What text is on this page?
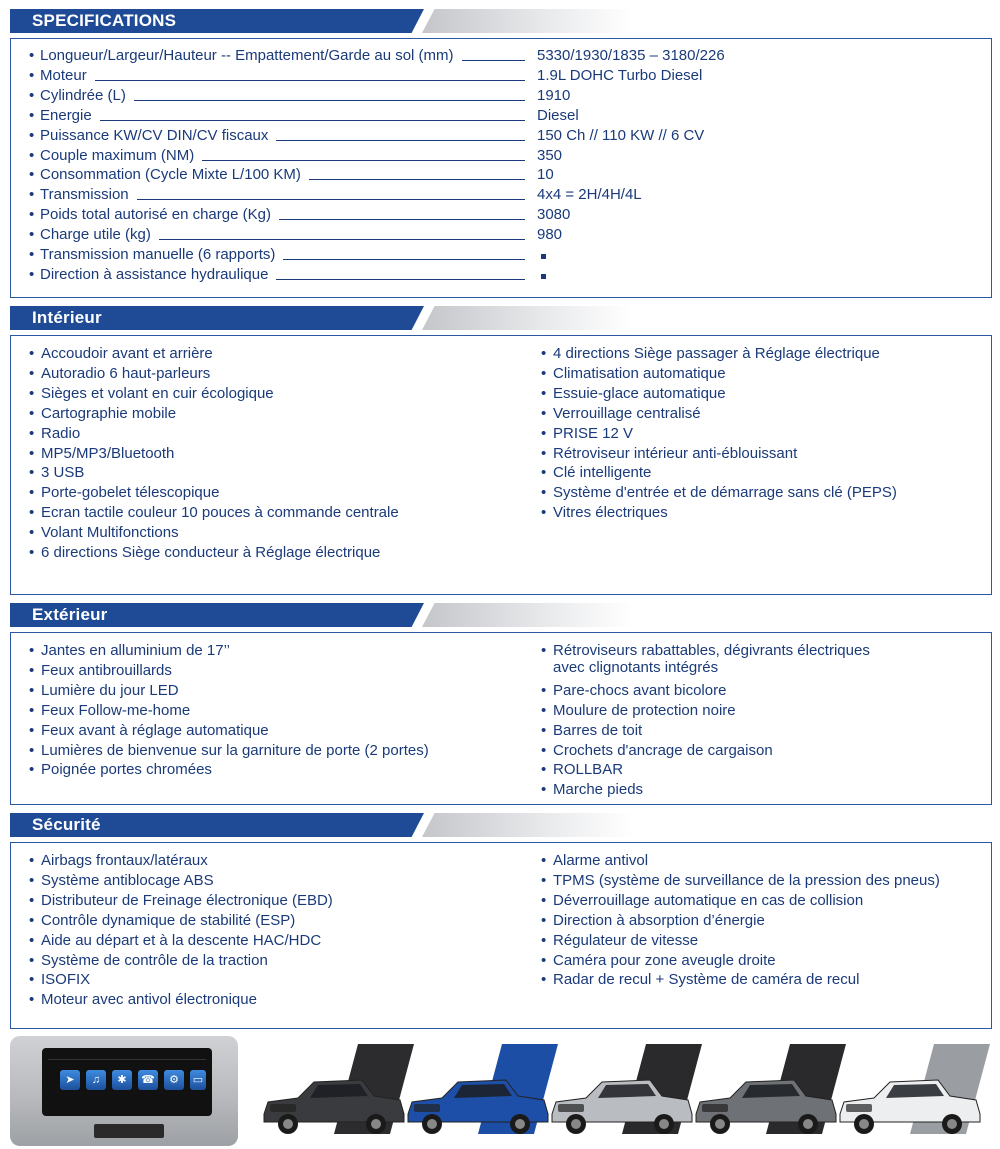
SPECIFICATIONS
• Longueur/Largeur/Hauteur -- Empattement/Garde au sol (mm)	5330/1930/1835 – 3180/226
• Moteur	1.9L DOHC Turbo Diesel
• Cylindrée (L)	1910
• Energie	Diesel
• Puissance KW/CV DIN/CV fiscaux	150 Ch // 110 KW // 6 CV
• Couple maximum (NM)	350
• Consommation (Cycle Mixte L/100 KM)	10
• Transmission	4x4 = 2H/4H/4L
• Poids total autorisé en charge (Kg)	3080
• Charge utile (kg)	980
• Transmission manuelle (6 rapports)
• Direction à assistance hydraulique
Intérieur
• Accoudoir avant et arrière
• Autoradio 6 haut-parleurs
• Sièges et volant en cuir écologique
• Cartographie mobile
• Radio
• MP5/MP3/Bluetooth
• 3 USB
• Porte-gobelet télescopique
• Ecran tactile couleur 10 pouces à commande centrale
• Volant Multifonctions
• 6 directions Siège conducteur à Réglage électrique
• 4 directions Siège passager à Réglage électrique
• Climatisation automatique
• Essuie-glace automatique
• Verrouillage centralisé
• PRISE 12 V
• Rétroviseur intérieur anti-éblouissant
• Clé intelligente
• Système d'entrée et de démarrage sans clé (PEPS)
• Vitres électriques
Extérieur
• Jantes en alluminium de 17’’
• Feux antibrouillards
• Lumière du jour LED
• Feux Follow-me-home
• Feux avant à réglage automatique
• Lumières de bienvenue sur la garniture de porte (2 portes)
• Poignée portes chromées
• Rétroviseurs rabattables, dégivrants électriques
avec clignotants intégrés
• Pare-chocs avant bicolore
• Moulure de protection noire
• Barres de toit
• Crochets d'ancrage de cargaison
• ROLLBAR
• Marche pieds
Sécurité
• Airbags frontaux/latéraux
• Système antiblocage ABS
• Distributeur de Freinage électronique (EBD)
• Contrôle dynamique de stabilité (ESP)
• Aide au départ et à la descente HAC/HDC
• Système de contrôle de la traction
• ISOFIX
• Moteur avec antivol électronique
• Alarme antivol
• TPMS (système de surveillance de la pression des pneus)
• Déverrouillage automatique en cas de collision
• Direction à absorption d’énergie
• Régulateur de vitesse
• Caméra pour zone aveugle droite
• Radar de recul + Système de caméra de recul
➤	♫	✱	☎	⚙	▭
